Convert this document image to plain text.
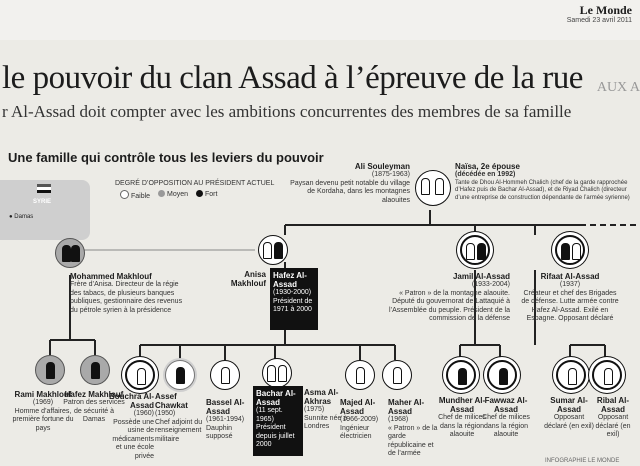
Le Monde
Samedi 23 avril 2011
le pouvoir du clan Assad à l’épreuve de la rue
r Al-Assad doit compter avec les ambitions concurrentes des membres de sa famille
AUX A
Une famille qui contrôle tous les leviers du pouvoir
SYRIE
● Damas
DEGRÉ D’OPPOSITION AU PRÉSIDENT ACTUEL
Faible	Moyen	Fort
Ali Souleyman
(1875-1963)
Paysan devenu petit notable du village de Kordaha, dans les montagnes alaouites
Naïsa, 2e épouse
(décédée en 1992)
Tante de Dhou Al-Hommeh Chalich (chef de la garde rapprochée d’Hafez puis de Bachar Al-Assad), et de Riyad Chalich (directeur d’une entreprise de construction dépendante de l’armée syrienne)
Mohammed Makhlouf
Frère d’Anisa. Directeur de la régie des tabacs, de plusieurs banques publiques, gestionnaire des revenus du pétrole syrien à la présidence
Anisa Makhlouf
Hafez Al-Assad
(1930-2000)
Président de 1971 à 2000
Jamil Al-Assad
(1933-2004)
« Patron » de la montagne alaouite. Député du gouvernorat de Lattaquié à l’Assemblée du peuple. Président de la commission de la défense
Rifaat Al-Assad
(1937)
Créateur et chef des Brigades de défense. Lutte armée contre Hafez Al-Assad. Exilé en Espagne. Opposant déclaré
Rami Makhlouf
(1969)
Homme d’affaires, première fortune du pays
Hafez Makhlouf
Patron des services de sécurité à Damas
Bouchra Al-Assad
(1960)
Possède une usine de médicaments et une école privée
Assef Chawkat
(1950)
Chef adjoint du renseignement militaire
Bassel Al-Assad
(1961-1994)
Dauphin supposé
Bachar Al-Assad
(11 sept. 1965)
Président depuis juillet 2000
Asma Al-Akhras
(1975)
Sunnite née à Londres
Majed Al-Assad
(1966-2009)
Ingénieur électricien
Maher Al-Assad
(1968)
« Patron » de la garde républicaine et de l’armée
Mundher Al-Assad
Chef de milices dans la région alaouite
Fawwaz Al-Assad
Chef de milices dans la région alaouite
Sumar Al-Assad
Opposant déclaré (en exil)
Ribal Al-Assad
Opposant déclaré (en exil)
INFOGRAPHIE LE MONDE
